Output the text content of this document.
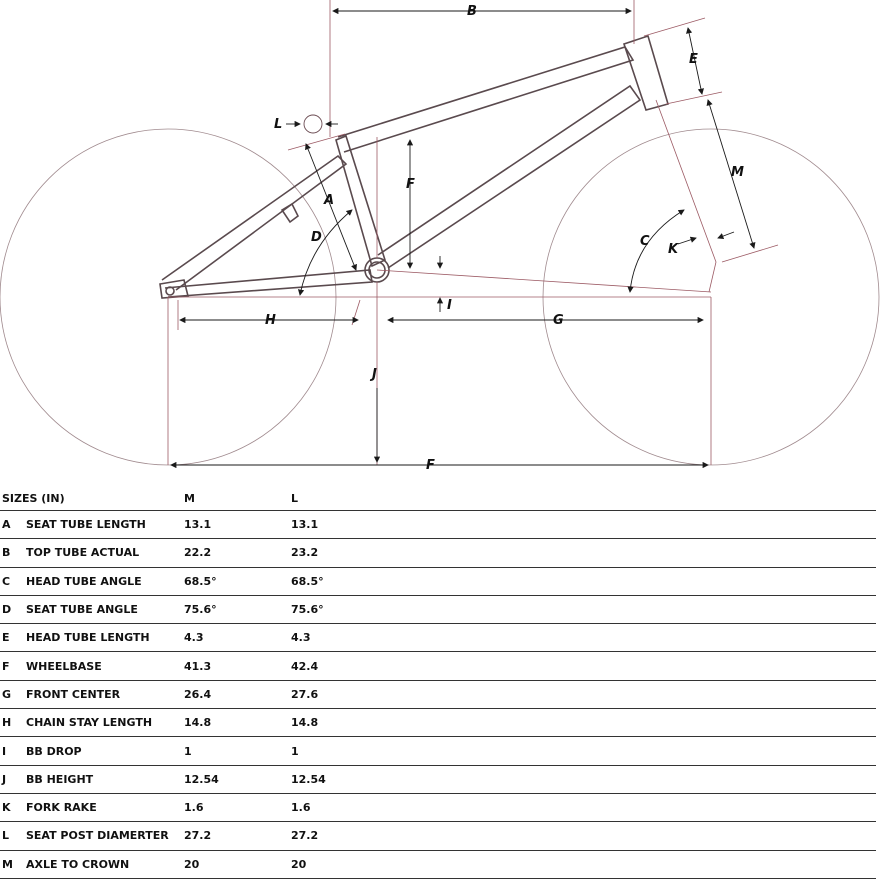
B
E
M
L
F
A
D	C
K
I
H	G
J
F
SIZES (IN)		M	L
A	SEAT TUBE LENGTH	13.1	13.1
B	TOP TUBE ACTUAL	22.2	23.2
C	HEAD TUBE ANGLE	68.5°	68.5°
D	SEAT TUBE ANGLE	75.6°	75.6°
E	HEAD TUBE LENGTH	4.3	4.3
F	WHEELBASE	41.3	42.4
G	FRONT CENTER	26.4	27.6
H	CHAIN STAY LENGTH	14.8	14.8
I	BB DROP	1	1
J	BB HEIGHT	12.54	12.54
K	FORK RAKE	1.6	1.6
L	SEAT POST DIAMERTER	27.2	27.2
M	AXLE TO CROWN	20	20
